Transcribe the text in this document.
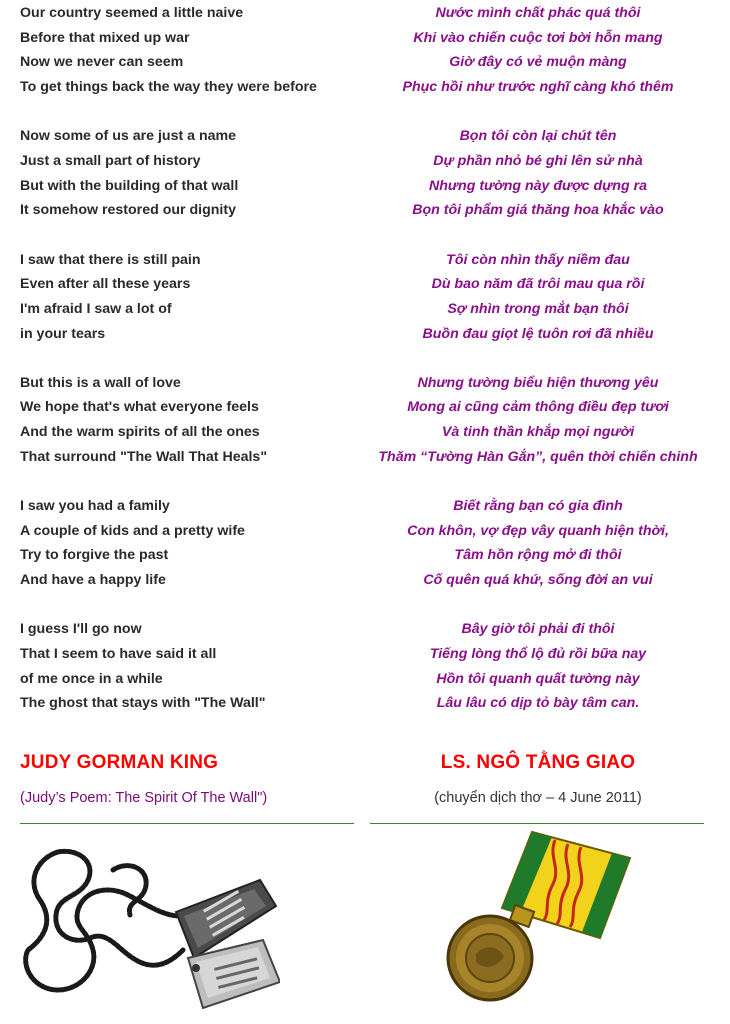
Our country seemed a little naive
Before that mixed up war
Now we never can seem
To get things back the way they were before
Now some of us are just a name
Just a small part of history
But with the building of that wall
It somehow restored our dignity
I saw that there is still pain
Even after all these years
I'm afraid I saw a lot of
in your tears
But this is a wall of love
We hope that's what everyone feels
And the warm spirits of all the ones
That surround "The Wall That Heals"
I saw you had a family
A couple of kids and a pretty wife
Try to forgive the past
And have a happy life
I guess I'll go now
That I seem to have said it all
of me once in a while
The ghost that stays with "The Wall"
Nước mình chất phác quá thôi
Khi vào chiến cuộc tơi bời hỗn mang
Giờ đây có vẻ muộn màng
Phục hồi như trước nghĩ càng khó thêm
Bọn tôi còn lại chút tên
Dự phần nhỏ bé ghi lên sử nhà
Nhưng tường này được dựng ra
Bọn tôi phẩm giá thăng hoa khắc vào
Tôi còn nhìn thấy niềm đau
Dù bao năm đã trôi mau qua rồi
Sợ nhìn trong mắt bạn thôi
Buồn đau giọt lệ tuôn rơi đã nhiều
Nhưng tường biểu hiện thương yêu
Mong ai cũng cảm thông điều đẹp tươi
Và tinh thần khắp mọi người
Thăm “Tường Hàn Gắn”, quên thời chiến chinh
Biết rằng bạn có gia đình
Con khôn, vợ đẹp vây quanh hiện thời,
Tâm hồn rộng mở đi thôi
Cố quên quá khứ, sống đời an vui
Bây giờ tôi phải đi thôi
Tiếng lòng thổ lộ đủ rồi bữa nay
Hồn tôi quanh quất tường này
Lâu lâu có dịp tỏ bày tâm can.
JUDY GORMAN KING	LS. NGÔ TẰNG GIAO
(Judy’s Poem: The Spirit Of The Wall")	(chuyển dịch thơ – 4 June 2011)
